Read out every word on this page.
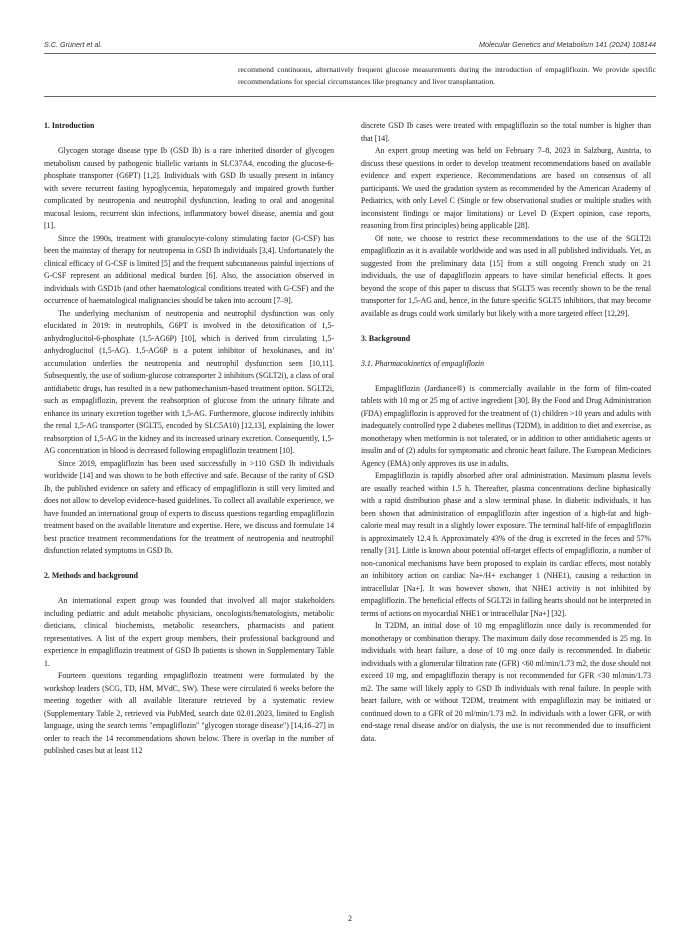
S.C. Grünert et al.	Molecular Genetics and Metabolism 141 (2024) 108144
recommend continuous, alternatively frequent glucose measurements during the introduction of empagliflozin. We provide specific recommendations for special circumstances like pregnancy and liver transplantation.
1. Introduction

Glycogen storage disease type Ib (GSD Ib) is a rare inherited disorder of glycogen metabolism caused by pathogenic biallelic variants in SLC37A4, encoding the glucose-6-phosphate transporter (G6PT) [1,2]. Individuals with GSD Ib usually present in infancy with severe recurrent fasting hypoglycemia, hepatomegaly and impaired growth further complicated by neutropenia and neutrophil dysfunction, leading to oral and anogenital mucosal lesions, recurrent skin infections, inflammatory bowel disease, anemia and gout [1].

Since the 1990s, treatment with granulocyte-colony stimulating factor (G-CSF) has been the mainstay of therapy for neutropenia in GSD Ib individuals [3,4]. Unfortunately the clinical efficacy of G-CSF is limited [5] and the frequent subcutaneous painful injections of G-CSF represent an additional medical burden [6]. Also, the association observed in individuals with GSD1b (and other haematological conditions treated with G-CSF) and the occurrence of haematological malignancies should be taken into account [7–9].

The underlying mechanism of neutropenia and neutrophil dysfunction was only elucidated in 2019: in neutrophils, G6PT is involved in the detoxification of 1,5-anhydroglucitol-6-phosphate (1,5-AG6P) [10], which is derived from circulating 1,5-anhydroglucitol (1,5-AG). 1,5-AG6P is a potent inhibitor of hexokinases, and its' accumulation underlies the neutropenia and neutrophil dysfunction seen [10,11]. Subsequently, the use of sodium-glucose cotransporter 2 inhibitors (SGLT2i), a class of oral antidiabetic drugs, has resulted in a new pathomechanism-based treatment option. SGLT2i, such as empagliflozin, prevent the reabsorption of glucose from the urinary filtrate and enhance its urinary excretion together with 1,5-AG. Furthermore, glucose indirectly inhibits the renal 1,5-AG transporter (SGLT5, encoded by SLC5A10) [12,13], explaining the lower reabsorption of 1,5-AG in the kidney and its increased urinary excretion. Consequently, 1,5-AG concentration in blood is decreased following empagliflozin treatment [10].

Since 2019, empagliflozin has been used successfully in >110 GSD Ib individuals worldwide [14] and was shown to be both effective and safe. Because of the rarity of GSD Ib, the published evidence on safety and efficacy of empagliflozin is still very limited and does not allow to develop evidence-based guidelines. To collect all available experience, we have founded an international group of experts to discuss questions regarding empagliflozin treatment based on the available literature and expertise. Here, we discuss and formulate 14 best practice treatment recommendations for the treatment of neutropenia and neutrophil disfunction related symptoms in GSD Ib.

2. Methods and background

An international expert group was founded that involved all major stakeholders including pediatric and adult metabolic physicians, oncologists/hematologists, metabolic dieticians, clinical biochemists, metabolic researchers, pharmacists and patient representatives. A list of the expert group members, their professional background and experience in empagliflozin treatment of GSD Ib patients is shown in Supplementary Table 1.

Fourteen questions regarding empagliflozin treatment were formulated by the workshop leaders (SCG, TD, HM, MVdC, SW). These were circulated 6 weeks before the meeting together with all available literature retrieved by a systematic review (Supplementary Table 2, retrieved via PubMed, search date 02.01.2023, limited to English language, using the search terms "empagliflozin" "glycogen storage disease") [14,16–27] in order to reach the 14 recommendations shown below. There is overlap in the number of published cases but at least 112

discrete GSD Ib cases were treated with empagliflozin so the total number is higher than that [14].

An expert group meeting was held on February 7–8, 2023 in Salzburg, Austria, to discuss these questions in order to develop treatment recommendations based on available evidence and expert experience. Recommendations are based on consensus of all participants. We used the gradation system as recommended by the American Academy of Pediatrics, with only Level C (Single or few observational studies or multiple studies with inconsistent findings or major limitations) or Level D (Expert opinion, case reports, reasoning from first principles) being applicable [28].

Of note, we choose to restrict these recommendations to the use of the SGLT2i empagliflozin as it is available worldwide and was used in all published individuals. Yet, as suggested from the preliminary data [15] from a still ongoing French study on 21 individuals, the use of dapagliflozin appears to have similar beneficial effects. It goes beyond the scope of this paper to discuss that SGLT5 was recently shown to be the renal transporter for 1,5-AG and, hence, in the future specific SGLT5 inhibitors, that may become available as drugs could work similarly but likely with a more targeted effect [12,29].

3. Background
3.1. Pharmacokinetics of empagliflozin

Empagliflozin (Jardiance®) is commercially available in the form of film-coated tablets with 10 mg or 25 mg of active ingredient [30]. By the Food and Drug Administration (FDA) empagliflozin is approved for the treatment of (1) children >10 years and adults with inadequately controlled type 2 diabetes mellitus (T2DM), in addition to diet and exercise, as monotherapy when metformin is not tolerated, or in addition to other antidiabetic agents or insulin and of (2) adults for symptomatic and chronic heart failure. The European Medicines Agency (EMA) only approves its use in adults.

Empagliflozin is rapidly absorbed after oral administration. Maximum plasma levels are usually reached within 1.5 h. Thereafter, plasma concentrations decline biphasically with a rapid distribution phase and a slow terminal phase. In diabetic individuals, it has been shown that administration of empagliflozin after ingestion of a high-fat and high-calorie meal may result in a slightly lower exposure. The terminal half-life of empagliflozin is approximately 12.4 h. Approximately 43% of the drug is excreted in the feces and 57% renally [31]. Little is known about potential off-target effects of empagliflozin, a number of non-canonical mechanisms have been proposed to explain its cardiac effects, most notably an inhibitory action on cardiac Na+/H+ exchanger 1 (NHE1), causing a reduction in intracellular [Na+]. It was however shown, that NHE1 activity is not inhibited by empagliflozin. The beneficial effects of SGLT2i in failing hearts should not be interpreted in terms of actions on myocardial NHE1 or intracellular [Na+] [32].

In T2DM, an initial dose of 10 mg empagliflozin once daily is recommended for monotherapy or combination therapy. The maximum daily dose recommended is 25 mg. In individuals with heart failure, a dose of 10 mg once daily is recommended. In diabetic individuals with a glomerular filtration rate (GFR) <60 ml/min/1.73 m2, the dose should not exceed 10 mg, and empagliflozin therapy is not recommended for GFR <30 ml/min/1.73 m2. The same will likely apply to GSD Ib individuals with renal failure. In people with heart failure, with or without T2DM, treatment with empagliflozin may be initiated or continued down to a GFR of 20 ml/min/1.73 m2. In individuals with a lower GFR, or with end-stage renal disease and/or on dialysis, the use is not recommended due to insufficient data.

2
